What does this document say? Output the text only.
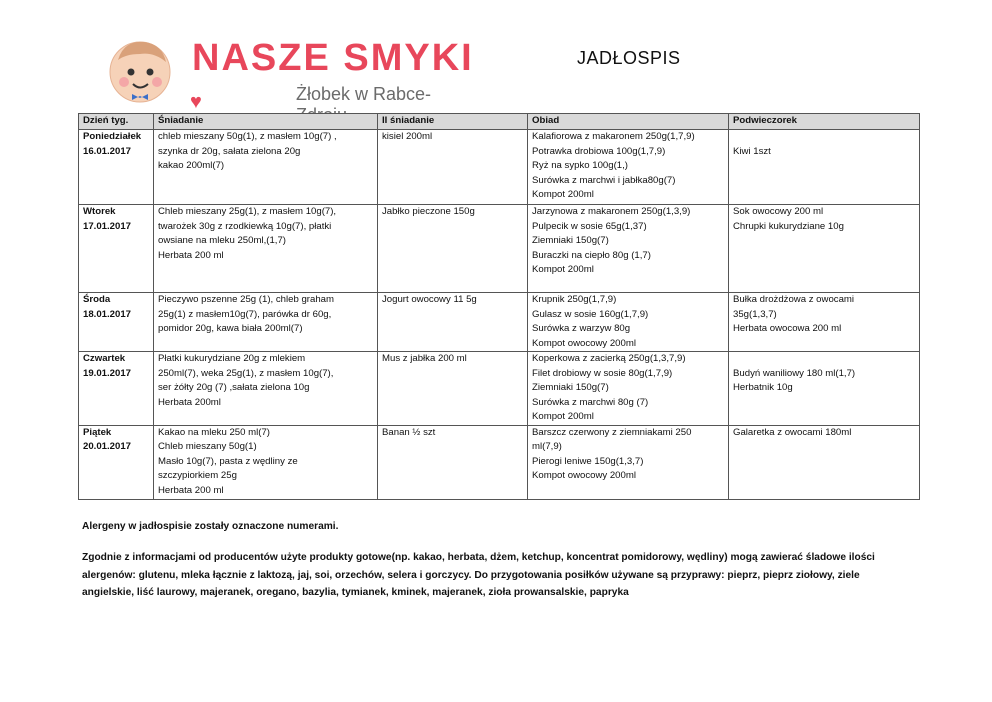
NASZE SMYKI♥	Żłobek w Rabce-
JADŁOSPIS
Dzień tyg.	Śniadanie	II śniadanie	Obiad	Podwieczorek

Poniedziałek
16.01.2017	chleb mieszany 50g(1), z masłem 10g(7) ,
szynka dr 20g, sałata zielona 20g
kakao 200ml(7)	kisiel 200ml	Kalafiorowa z makaronem 250g(1,7,9)
Potrawka drobiowa 100g(1,7,9)
Ryż na sypko 100g(1,)
Surówka z marchwi i jabłka80g(7)
Kompot 200ml	Kiwi 1szt

Wtorek
17.01.2017	Chleb mieszany 25g(1), z masłem 10g(7),
twarożek 30g z rzodkiewką 10g(7), płatki
owsiane na mleku 250ml,(1,7)
Herbata 200 ml	Jabłko pieczone 150g	Jarzynowa z makaronem 250g(1,3,9)
Pulpecik w sosie 65g(1,37)
Ziemniaki 150g(7)
Buraczki na ciepło 80g (1,7)
Kompot 200ml	Sok owocowy 200 ml
Chrupki kukurydziane 10g

Środa
18.01.2017	Pieczywo pszenne 25g (1), chleb graham
25g(1) z masłem10g(7), parówka dr 60g,
pomidor 20g, kawa biała 200ml(7)	Jogurt owocowy 11 5g	Krupnik 250g(1,7,9)
Gulasz w sosie 160g(1,7,9)
Surówka z warzyw 80g
Kompot owocowy 200ml	Bułka drożdżowa z owocami
35g(1,3,7)
Herbata owocowa 200 ml

Czwartek
19.01.2017	Płatki kukurydziane 20g z mlekiem
250ml(7), weka 25g(1), z masłem 10g(7),
ser żółty 20g (7) ,sałata zielona 10g
Herbata 200ml	Mus z jabłka 200 ml	Koperkowa z zacierką 250g(1,3,7,9)
Filet drobiowy w sosie 80g(1,7,9)
Ziemniaki 150g(7)
Surówka z marchwi 80g (7)
Kompot 200ml	Budyń waniliowy 180 ml(1,7)
Herbatnik 10g

Piątek
20.01.2017	Kakao na mleku 250 ml(7)
Chleb mieszany 50g(1)
Masło 10g(7), pasta z wędliny ze
szczypiorkiem 25g
Herbata 200 ml	Banan ½ szt	Barszcz czerwony z ziemniakami 250
ml(7,9)
Pierogi leniwe 150g(1,3,7)
Kompot owocowy 200ml	Galaretka z owocami 180ml
Alergeny w jadłospisie zostały oznaczone numerami.
Zgodnie z informacjami od producentów użyte produkty gotowe(np. kakao, herbata, dżem, ketchup, koncentrat pomidorowy, wędliny) mogą zawierać śladowe ilości alergenów: glutenu, mleka łącznie z laktozą, jaj, soi, orzechów, selera i gorczycy. Do przygotowania posiłków używane są przyprawy: pieprz, pieprz ziołowy, ziele angielskie, liść laurowy, majeranek, oregano, bazylia, tymianek, kminek, majeranek, zioła prowansalskie, papryka
